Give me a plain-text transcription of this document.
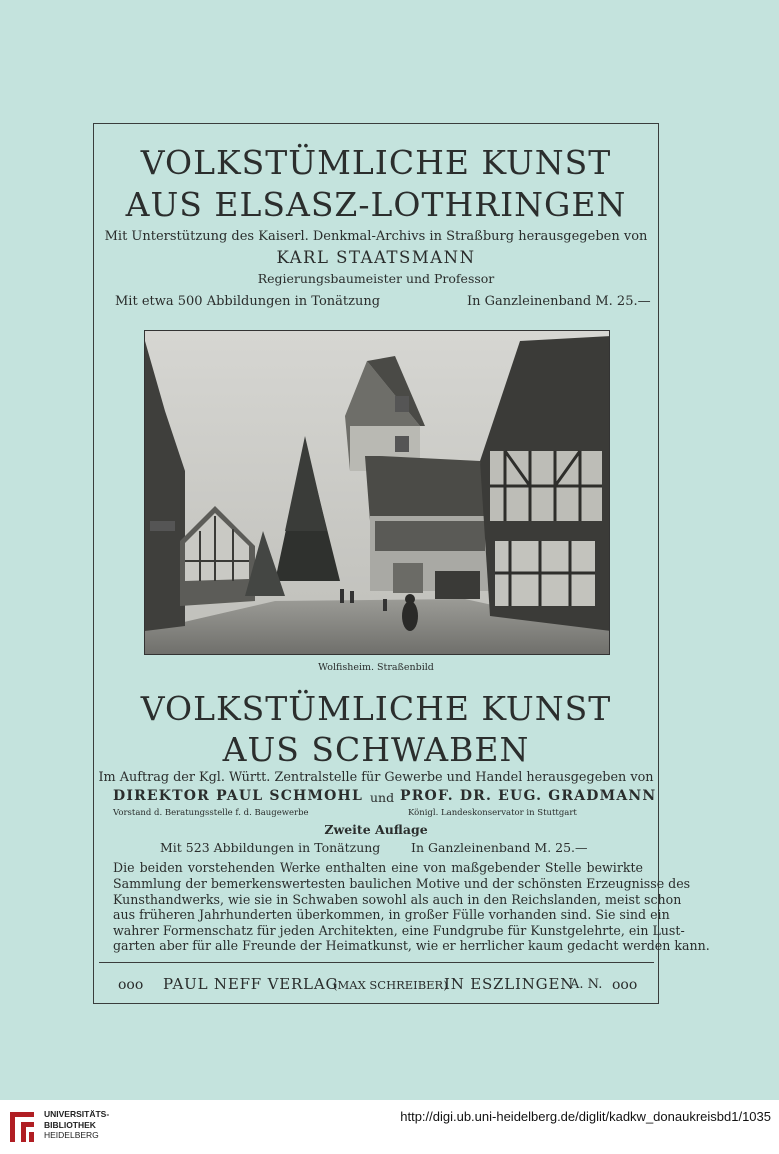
VOLKSTÜMLICHE KUNST
AUS ELSASZ-LOTHRINGEN
Mit Unterstützung des Kaiserl. Denkmal-Archivs in Straßburg herausgegeben von
KARL STAATSMANN
Regierungsbaumeister und Professor
Mit etwa 500 Abbildungen in Tonätzung	In Ganzleinenband M. 25.—
Wolfisheim. Straßenbild
VOLKSTÜMLICHE KUNST
AUS SCHWABEN
Im Auftrag der Kgl. Württ. Zentralstelle für Gewerbe und Handel herausgegeben von
DIREKTOR PAUL SCHMOHL und PROF. DR. EUG. GRADMANN
Vorstand d. Beratungsstelle f. d. Baugewerbe	Königl. Landeskonservator in Stuttgart
Zweite Auflage
Mit 523 Abbildungen in Tonätzung In Ganzleinenband M. 25.—
Die beiden vorstehenden Werke enthalten eine von maßgebender Stelle bewirkte
Sammlung der bemerkenswertesten baulichen Motive und der schönsten Erzeugnisse des
Kunsthandwerks, wie sie in Schwaben sowohl als auch in den Reichslanden, meist schon
aus früheren Jahrhunderten überkommen, in großer Fülle vorhanden sind. Sie sind ein
wahrer Formenschatz für jeden Architekten, eine Fundgrube für Kunstgelehrte, ein Lust-
garten aber für alle Freunde der Heimatkunst, wie er herrlicher kaum gedacht werden kann.
ooo PAUL NEFF VERLAG
(MAX SCHREIBER)
IN ESZLINGEN
A. N. ooo
UNIVERSITÄTS-
BIBLIOTHEK
HEIDELBERG
http://digi.ub.uni-heidelberg.de/diglit/kadkw_donaukreisbd1/1035
